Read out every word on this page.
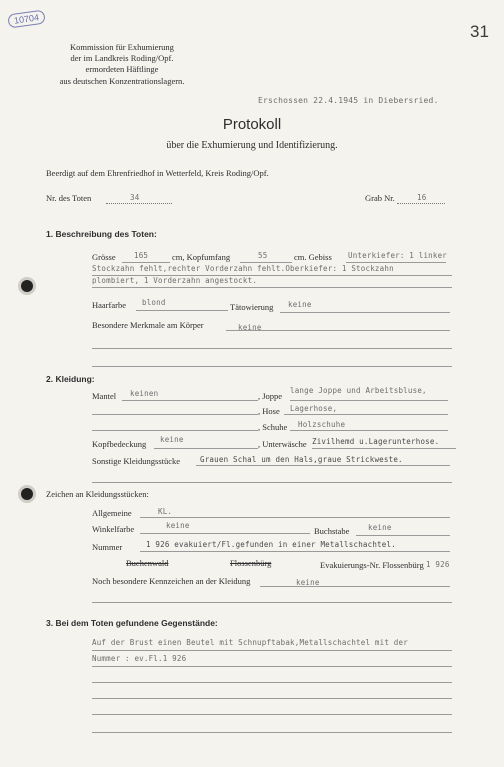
10704
31
Kommission für Exhumierung
der im Landkreis Roding/Opf.
ermordeten Häftlinge
aus deutschen Konzentrationslagern.
Erschossen 22.4.1945 in Diebersried.
Protokoll
über die Exhumierung und Identifizierung.
Beerdigt auf dem Ehrenfriedhof in Wetterfeld, Kreis Roding/Opf.
Nr. des Toten	34	Grab Nr.	16
1. Beschreibung des Toten:
Grösse 165	cm, Kopfumfang	55	cm. Gebiss Unterkiefer: 1 linker
Stockzahn fehlt,rechter Vorderzahn fehlt.Oberkiefer: 1 Stockzahn
plombiert, 1 Vorderzahn angestockt.
Haarfarbe blond	Tätowierung keine
Besondere Merkmale am Körper	keine
2. Kleidung:
Mantel keinen	, Joppe
lange Joppe und Arbeitsbluse,
, Hose Lagerhose,
, Schuhe Holzschuhe
Kopfbedeckung keine	, Unterwäsche Zivilhemd u.Lagerunterhose.
Sonstige Kleidungsstücke	Grauen Schal um den Hals,graue Strickweste.
Zeichen an Kleidungsstücken:
Allgemeine	KL.
Winkelfarbe	keine
Buchstabe keine
Nummer	1 926 evakuiert/Fl.gefunden in einer Metallschachtel.
Buchenwald	Flossenbürg	Evakuierungs-Nr. Flossenbürg 1 926
Noch besondere Kennzeichen an der Kleidung	keine
3. Bei dem Toten gefundene Gegenstände:
Auf der Brust einen Beutel mit Schnupftabak,Metallschachtel mit der
Nummer : ev.Fl.1 926
